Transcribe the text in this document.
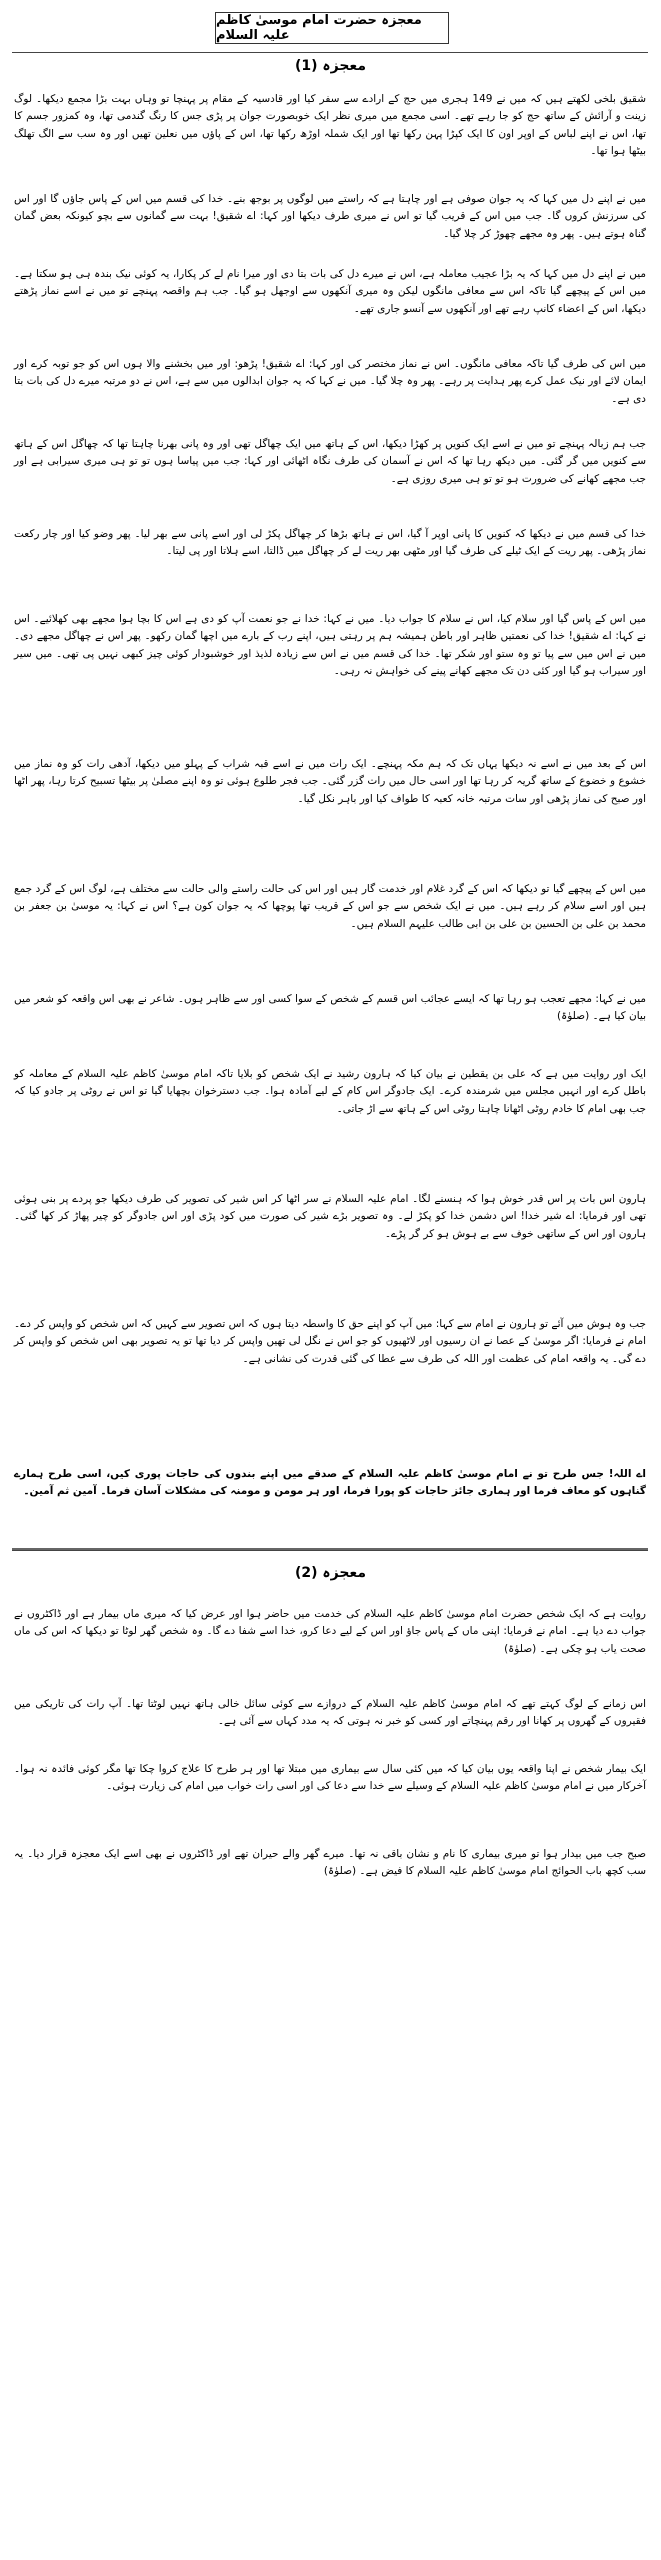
معجزہ حضرت امام موسیٰ کاظم علیہ السلام
معجزہ (1)

شقیق بلخی لکھتے ہیں کہ میں نے 149 ہجری میں حج کے ارادے سے سفر کیا اور قادسیہ کے مقام پر پہنچا تو وہاں بہت بڑا مجمع دیکھا۔ لوگ زینت و آرائش کے ساتھ حج کو جا رہے تھے۔ اسی مجمع میں میری نظر ایک خوبصورت جوان پر پڑی جس کا رنگ گندمی تھا، وہ کمزور جسم کا تھا، اس نے اپنے لباس کے اوپر اون کا ایک کپڑا پہن رکھا تھا اور ایک شملہ اوڑھ رکھا تھا، اس کے پاؤں میں نعلین تھیں اور وہ سب سے الگ تھلگ بیٹھا ہوا تھا۔

میں نے اپنے دل میں کہا کہ یہ جوان صوفی ہے اور چاہتا ہے کہ راستے میں لوگوں پر بوجھ بنے۔ خدا کی قسم میں اس کے پاس جاؤں گا اور اس کی سرزنش کروں گا۔ جب میں اس کے قریب گیا تو اس نے میری طرف دیکھا اور کہا: اے شقیق! بہت سے گمانوں سے بچو کیونکہ بعض گمان گناہ ہوتے ہیں۔ پھر وہ مجھے چھوڑ کر چلا گیا۔

میں نے اپنے دل میں کہا کہ یہ بڑا عجیب معاملہ ہے، اس نے میرے دل کی بات بتا دی اور میرا نام لے کر پکارا، یہ کوئی نیک بندہ ہی ہو سکتا ہے۔ میں اس کے پیچھے گیا تاکہ اس سے معافی مانگوں لیکن وہ میری آنکھوں سے اوجھل ہو گیا۔ جب ہم واقصہ پہنچے تو میں نے اسے نماز پڑھتے دیکھا، اس کے اعضاء کانپ رہے تھے اور آنکھوں سے آنسو جاری تھے۔

میں اس کی طرف گیا تاکہ معافی مانگوں۔ اس نے نماز مختصر کی اور کہا: اے شقیق! پڑھو: اور میں بخشنے والا ہوں اس کو جو توبہ کرے اور ایمان لائے اور نیک عمل کرے پھر ہدایت پر رہے۔ پھر وہ چلا گیا۔ میں نے کہا کہ یہ جوان ابدالوں میں سے ہے، اس نے دو مرتبہ میرے دل کی بات بتا دی ہے۔

جب ہم زبالہ پہنچے تو میں نے اسے ایک کنویں پر کھڑا دیکھا، اس کے ہاتھ میں ایک چھاگل تھی اور وہ پانی بھرنا چاہتا تھا کہ چھاگل اس کے ہاتھ سے کنویں میں گر گئی۔ میں دیکھ رہا تھا کہ اس نے آسمان کی طرف نگاہ اٹھائی اور کہا: جب میں پیاسا ہوں تو تو ہی میری سیرابی ہے اور جب مجھے کھانے کی ضرورت ہو تو تو ہی میری روزی ہے۔

خدا کی قسم میں نے دیکھا کہ کنویں کا پانی اوپر آ گیا، اس نے ہاتھ بڑھا کر چھاگل پکڑ لی اور اسے پانی سے بھر لیا۔ پھر وضو کیا اور چار رکعت نماز پڑھی۔ پھر ریت کے ایک ٹیلے کی طرف گیا اور مٹھی بھر ریت لے کر چھاگل میں ڈالتا، اسے ہلاتا اور پی لیتا۔

میں اس کے پاس گیا اور سلام کیا، اس نے سلام کا جواب دیا۔ میں نے کہا: خدا نے جو نعمت آپ کو دی ہے اس کا بچا ہوا مجھے بھی کھلائیے۔ اس نے کہا: اے شقیق! خدا کی نعمتیں ظاہر اور باطن ہمیشہ ہم پر رہتی ہیں، اپنے رب کے بارے میں اچھا گمان رکھو۔ پھر اس نے چھاگل مجھے دی۔ میں نے اس میں سے پیا تو وہ ستو اور شکر تھا۔ خدا کی قسم میں نے اس سے زیادہ لذیذ اور خوشبودار کوئی چیز کبھی نہیں پی تھی۔ میں سیر اور سیراب ہو گیا اور کئی دن تک مجھے کھانے پینے کی خواہش نہ رہی۔

اس کے بعد میں نے اسے نہ دیکھا یہاں تک کہ ہم مکہ پہنچے۔ ایک رات میں نے اسے قبہ شراب کے پہلو میں دیکھا، آدھی رات کو وہ نماز میں خشوع و خضوع کے ساتھ گریہ کر رہا تھا اور اسی حال میں رات گزر گئی۔ جب فجر طلوع ہوئی تو وہ اپنے مصلیٰ پر بیٹھا تسبیح کرتا رہا، پھر اٹھا اور صبح کی نماز پڑھی اور سات مرتبہ خانہ کعبہ کا طواف کیا اور باہر نکل گیا۔

میں اس کے پیچھے گیا تو دیکھا کہ اس کے گرد غلام اور خدمت گار ہیں اور اس کی حالت راستے والی حالت سے مختلف ہے، لوگ اس کے گرد جمع ہیں اور اسے سلام کر رہے ہیں۔ میں نے ایک شخص سے جو اس کے قریب تھا پوچھا کہ یہ جوان کون ہے؟ اس نے کہا: یہ موسیٰ بن جعفر بن محمد بن علی بن الحسین بن علی بن ابی طالب علیہم السلام ہیں۔

میں نے کہا: مجھے تعجب ہو رہا تھا کہ ایسے عجائب اس قسم کے شخص کے سوا کسی اور سے ظاہر ہوں۔ شاعر نے بھی اس واقعہ کو شعر میں بیان کیا ہے۔ (صلوٰۃ)

ایک اور روایت میں ہے کہ علی بن یقطین نے بیان کیا کہ ہارون رشید نے ایک شخص کو بلایا تاکہ امام موسیٰ کاظم علیہ السلام کے معاملہ کو باطل کرے اور انہیں مجلس میں شرمندہ کرے۔ ایک جادوگر اس کام کے لیے آمادہ ہوا۔ جب دسترخوان بچھایا گیا تو اس نے روٹی پر جادو کیا کہ جب بھی امام کا خادم روٹی اٹھانا چاہتا روٹی اس کے ہاتھ سے اڑ جاتی۔

ہارون اس بات پر اس قدر خوش ہوا کہ ہنسنے لگا۔ امام علیہ السلام نے سر اٹھا کر اس شیر کی تصویر کی طرف دیکھا جو پردے پر بنی ہوئی تھی اور فرمایا: اے شیر خدا! اس دشمن خدا کو پکڑ لے۔ وہ تصویر بڑے شیر کی صورت میں کود پڑی اور اس جادوگر کو چیر پھاڑ کر کھا گئی۔ ہارون اور اس کے ساتھی خوف سے بے ہوش ہو کر گر پڑے۔

جب وہ ہوش میں آئے تو ہارون نے امام سے کہا: میں آپ کو اپنے حق کا واسطہ دیتا ہوں کہ اس تصویر سے کہیں کہ اس شخص کو واپس کر دے۔ امام نے فرمایا: اگر موسیٰ کے عصا نے ان رسیوں اور لاٹھیوں کو جو اس نے نگل لی تھیں واپس کر دیا تھا تو یہ تصویر بھی اس شخص کو واپس کر دے گی۔ یہ واقعہ امام کی عظمت اور اللہ کی طرف سے عطا کی گئی قدرت کی نشانی ہے۔

اے اللہ! جس طرح تو نے امام موسیٰ کاظم علیہ السلام کے صدقے میں اپنے بندوں کی حاجات پوری کیں، اسی طرح ہمارے گناہوں کو معاف فرما اور ہماری جائز حاجات کو پورا فرما، اور ہر مومن و مومنہ کی مشکلات آسان فرما۔ آمین ثم آمین۔

معجزہ (2)

روایت ہے کہ ایک شخص حضرت امام موسیٰ کاظم علیہ السلام کی خدمت میں حاضر ہوا اور عرض کیا کہ میری ماں بیمار ہے اور ڈاکٹروں نے جواب دے دیا ہے۔ امام نے فرمایا: اپنی ماں کے پاس جاؤ اور اس کے لیے دعا کرو، خدا اسے شفا دے گا۔ وہ شخص گھر لوٹا تو دیکھا کہ اس کی ماں صحت یاب ہو چکی ہے۔ (صلوٰۃ)

اس زمانے کے لوگ کہتے تھے کہ امام موسیٰ کاظم علیہ السلام کے دروازے سے کوئی سائل خالی ہاتھ نہیں لوٹتا تھا۔ آپ رات کی تاریکی میں فقیروں کے گھروں پر کھانا اور رقم پہنچاتے اور کسی کو خبر نہ ہوتی کہ یہ مدد کہاں سے آئی ہے۔

ایک بیمار شخص نے اپنا واقعہ یوں بیان کیا کہ میں کئی سال سے بیماری میں مبتلا تھا اور ہر طرح کا علاج کروا چکا تھا مگر کوئی فائدہ نہ ہوا۔ آخرکار میں نے امام موسیٰ کاظم علیہ السلام کے وسیلے سے خدا سے دعا کی اور اسی رات خواب میں امام کی زیارت ہوئی۔

صبح جب میں بیدار ہوا تو میری بیماری کا نام و نشان باقی نہ تھا۔ میرے گھر والے حیران تھے اور ڈاکٹروں نے بھی اسے ایک معجزہ قرار دیا۔ یہ سب کچھ باب الحوائج امام موسیٰ کاظم علیہ السلام کا فیض ہے۔ (صلوٰۃ)
